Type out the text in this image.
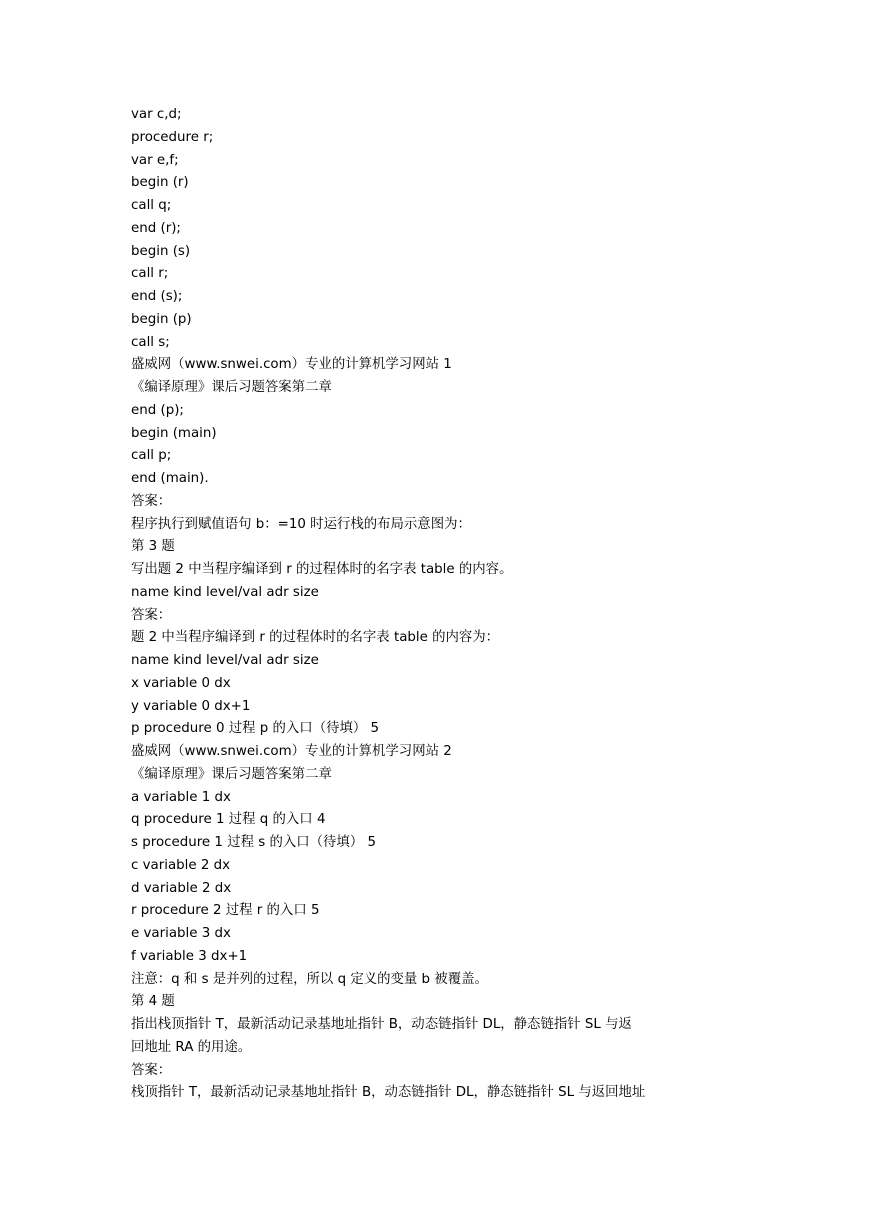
var c,d;

procedure r;

var e,f;

begin (r)

call q;

end (r);

begin (s)

call r;

end (s);

begin (p)

call s;

盛威网（www.snwei.com）专业的计算机学习网站 1

《编译原理》课后习题答案第二章

end (p);

begin (main)

call p;

end (main).

答案：

程序执行到赋值语句 b：=10 时运行栈的布局示意图为：

第 3 题

写出题 2 中当程序编译到 r 的过程体时的名字表 table 的内容。

name kind level/val adr size

答案：

题 2 中当程序编译到 r 的过程体时的名字表 table 的内容为：

name kind level/val adr size

x variable 0 dx

y variable 0 dx+1

p procedure 0 过程 p 的入口（待填） 5

盛威网（www.snwei.com）专业的计算机学习网站 2

《编译原理》课后习题答案第二章

a variable 1 dx

q procedure 1 过程 q 的入口 4

s procedure 1 过程 s 的入口（待填） 5

c variable 2 dx

d variable 2 dx

r procedure 2 过程 r 的入口 5

e variable 3 dx

f variable 3 dx+1

注意：q 和 s 是并列的过程，所以 q 定义的变量 b 被覆盖。

第 4 题

指出栈顶指针 T，最新活动记录基地址指针 B，动态链指针 DL，静态链指针 SL 与返

回地址 RA 的用途。

答案：

栈顶指针 T，最新活动记录基地址指针 B，动态链指针 DL，静态链指针 SL 与返回地址
